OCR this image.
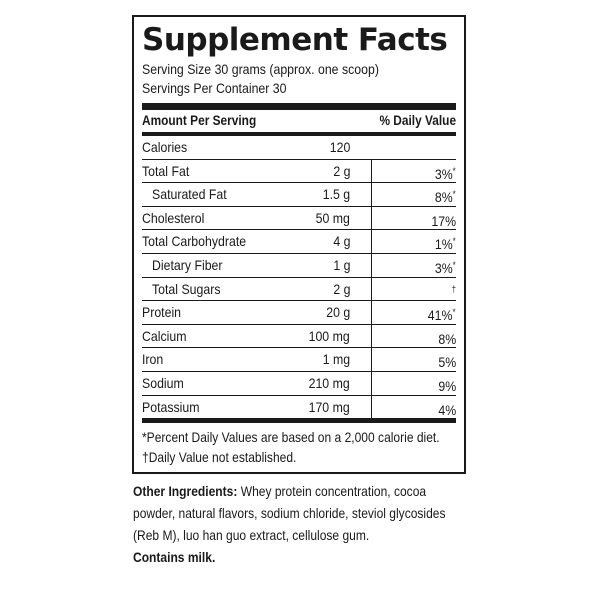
Supplement Facts
Serving Size 30 grams (approx. one scoop)
Servings Per Container 30
Amount Per Serving	% Daily Value
Calories	120
Total Fat	2 g	3%*
Saturated Fat	1.5 g	8%*
Cholesterol	50 mg	17%
Total Carbohydrate	4 g	1%*
Dietary Fiber	1 g	3%*
Total Sugars	2 g	†
Protein	20 g	41%*
Calcium	100 mg	8%
Iron	1 mg	5%
Sodium	210 mg	9%
Potassium	170 mg	4%
*Percent Daily Values are based on a 2,000 calorie diet.
†Daily Value not established.
Other Ingredients: Whey protein concentration, cocoa
powder, natural flavors, sodium chloride, steviol glycosides
(Reb M), luo han guo extract, cellulose gum.
Contains milk.
